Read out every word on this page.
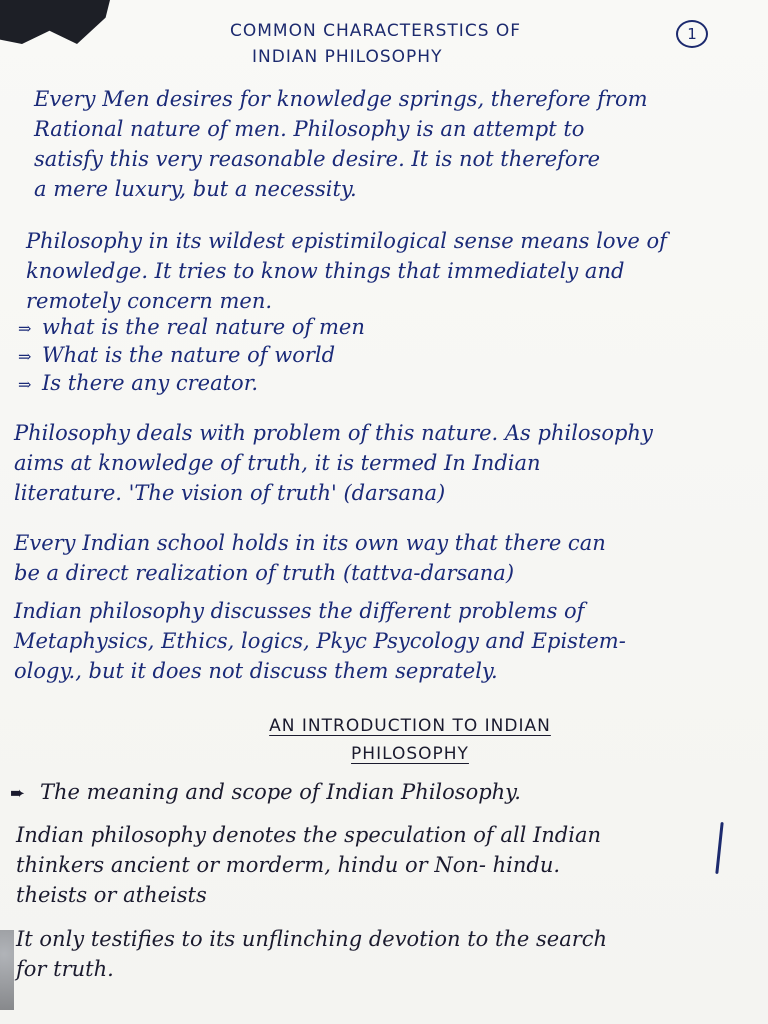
COMMON CHARACTERSTICS OF
INDIAN PHILOSOPHY
1
Every Men desires for knowledge springs, therefore from
Rational nature of men. Philosophy is an attempt to
satisfy this very reasonable desire. It is not therefore
a mere luxury, but a necessity.
Philosophy in its wildest epistimilogical sense means love of
knowledge. It tries to know things that immediately and
remotely concern men.
⇒ what is the real nature of men
⇒ What is the nature of world
⇒ Is there any creator.
Philosophy deals with problem of this nature. As philosophy
aims at knowledge of truth, it is termed In Indian
literature. 'The vision of truth' (darsana)
Every Indian school holds in its own way that there can
be a direct realization of truth (tattva-darsana)
Indian philosophy discusses the different problems of
Metaphysics, Ethics, logics, Pkyc Psycology and Epistem-
ology., but it does not discuss them seprately.
AN INTRODUCTION TO INDIAN
PHILOSOPHY
➨ The meaning and scope of Indian Philosophy.
Indian philosophy denotes the speculation of all Indian
thinkers ancient or morderm, hindu or Non- hindu.
theists or atheists
It only testifies to its unflinching devotion to the search
for truth.
